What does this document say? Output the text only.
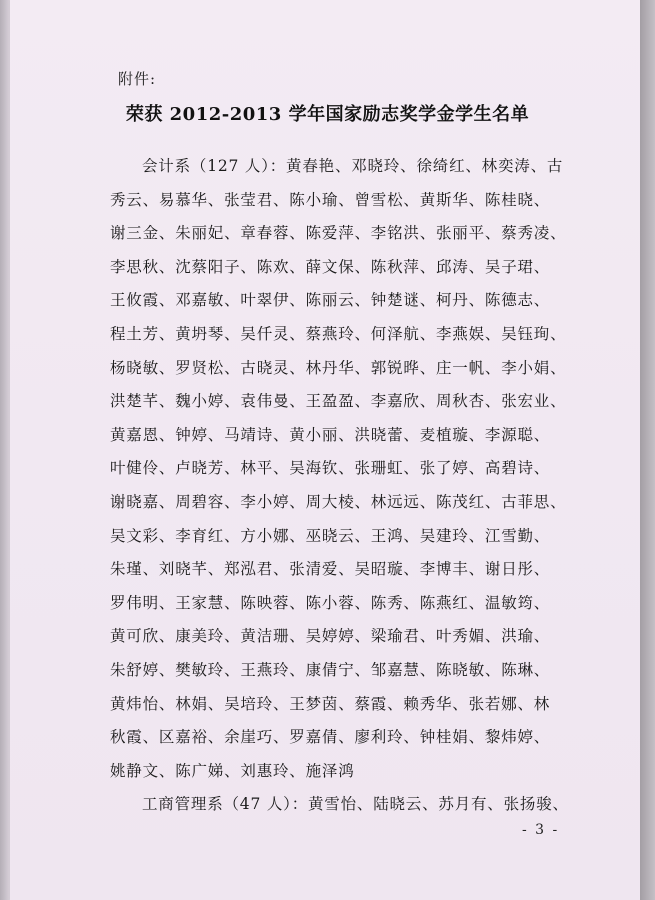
附件:
荣获 2012-2013 学年国家励志奖学金学生名单
会计系（127 人）：黄春艳、邓晓玲、徐绮红、林奕涛、古
秀云、易慕华、张莹君、陈小瑜、曾雪松、黄斯华、陈桂晓、
谢三金、朱丽妃、章春蓉、陈爱萍、李铭洪、张丽平、蔡秀凌、
李思秋、沈蔡阳子、陈欢、薛文保、陈秋萍、邱涛、吴子珺、
王攸霞、邓嘉敏、叶翠伊、陈丽云、钟楚谜、柯丹、陈德志、
程土芳、黄坍琴、吴仟灵、蔡燕玲、何泽航、李燕娱、吴钰珣、
杨晓敏、罗贤松、古晓灵、林丹华、郭锐晔、庄一帆、李小娟、
洪楚芊、魏小婷、袁伟曼、王盈盈、李嘉欣、周秋杏、张宏业、
黄嘉恩、钟婷、马靖诗、黄小丽、洪晓蕾、麦植璇、李源聪、
叶健伶、卢晓芳、林平、吴海钦、张珊虹、张了婷、高碧诗、
谢晓嘉、周碧容、李小婷、周大棱、林远远、陈茂红、古菲思、
吴文彩、李育红、方小娜、巫晓云、王鸿、吴建玲、江雪勤、
朱瑾、刘晓芊、郑泓君、张清爱、吴昭璇、李博丰、谢日彤、
罗伟明、王家慧、陈映蓉、陈小蓉、陈秀、陈燕红、温敏筠、
黄可欣、康美玲、黄洁珊、吴婷婷、梁瑜君、叶秀媚、洪瑜、
朱舒婷、樊敏玲、王燕玲、康倩宁、邹嘉慧、陈晓敏、陈琳、
黄炜怡、林娟、吴培玲、王梦茵、蔡霞、赖秀华、张若娜、林
秋霞、区嘉裕、余崖巧、罗嘉倩、廖利玲、钟桂娟、黎炜婷、
姚静文、陈广娣、刘惠玲、施泽鸿
工商管理系（47 人）：黄雪怡、陆晓云、苏月有、张扬骏、
- 3 -
